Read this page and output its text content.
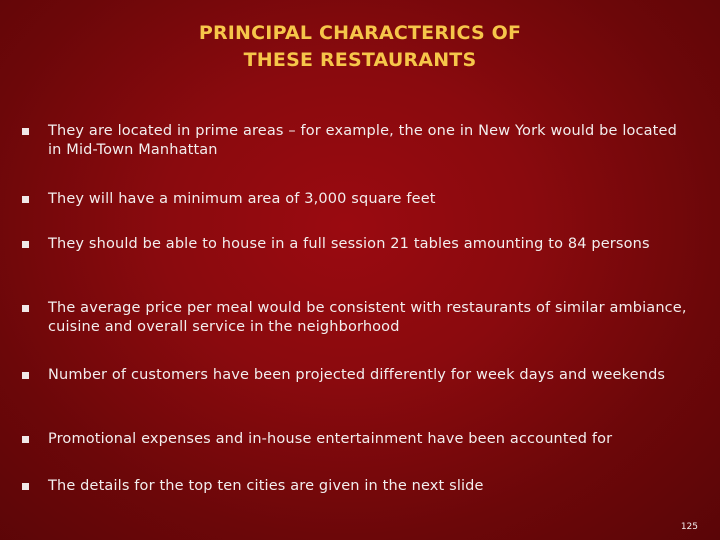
PRINCIPAL CHARACTERICS OF
THESE RESTAURANTS
They are located in prime areas – for example, the one in New York would be located in Mid-Town Manhattan
They will have a minimum area of 3,000 square feet
They should be able to house in a full session 21 tables amounting to 84 persons
The average price per meal would be consistent with restaurants of similar ambiance, cuisine and overall service in the neighborhood
Number of customers have been projected differently for week days and weekends
Promotional expenses and in-house entertainment have been accounted for
The details for the top ten cities are given in the next slide
125
